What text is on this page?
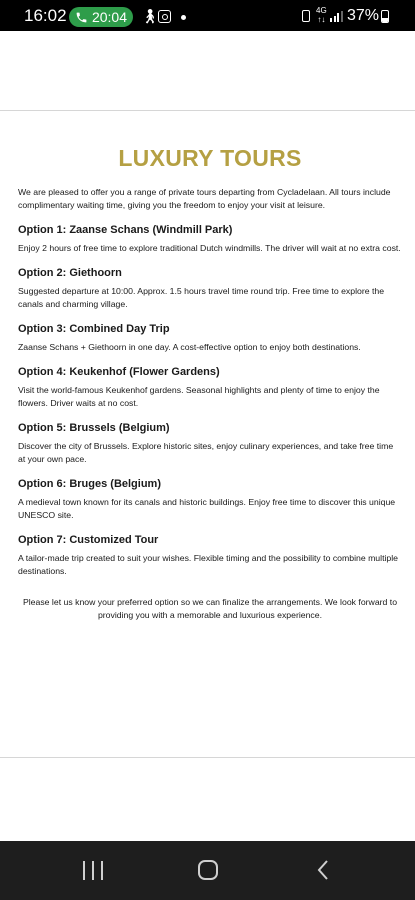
16:02 20:04 🚶︎	4G
↑↓ 37%
LUXURY TOURS

We are pleased to offer you a range of private tours departing from Cycladelaan. All tours include complimentary waiting time, giving you the freedom to enjoy your visit at leisure.

Option 1: Zaanse Schans (Windmill Park)

Enjoy 2 hours of free time to explore traditional Dutch windmills. The driver will wait at no extra cost.

Option 2: Giethoorn

Suggested departure at 10:00. Approx. 1.5 hours travel time round trip. Free time to explore the canals and charming village.

Option 3: Combined Day Trip

Zaanse Schans + Giethoorn in one day. A cost-effective option to enjoy both destinations.

Option 4: Keukenhof (Flower Gardens)

Visit the world-famous Keukenhof gardens. Seasonal highlights and plenty of time to enjoy the flowers. Driver waits at no cost.

Option 5: Brussels (Belgium)

Discover the city of Brussels. Explore historic sites, enjoy culinary experiences, and take free time at your own pace.

Option 6: Bruges (Belgium)

A medieval town known for its canals and historic buildings. Enjoy free time to discover this unique UNESCO site.

Option 7: Customized Tour

A tailor-made trip created to suit your wishes. Flexible timing and the possibility to combine multiple destinations.

Please let us know your preferred option so we can finalize the arrangements. We look forward to providing you with a memorable and luxurious experience.
